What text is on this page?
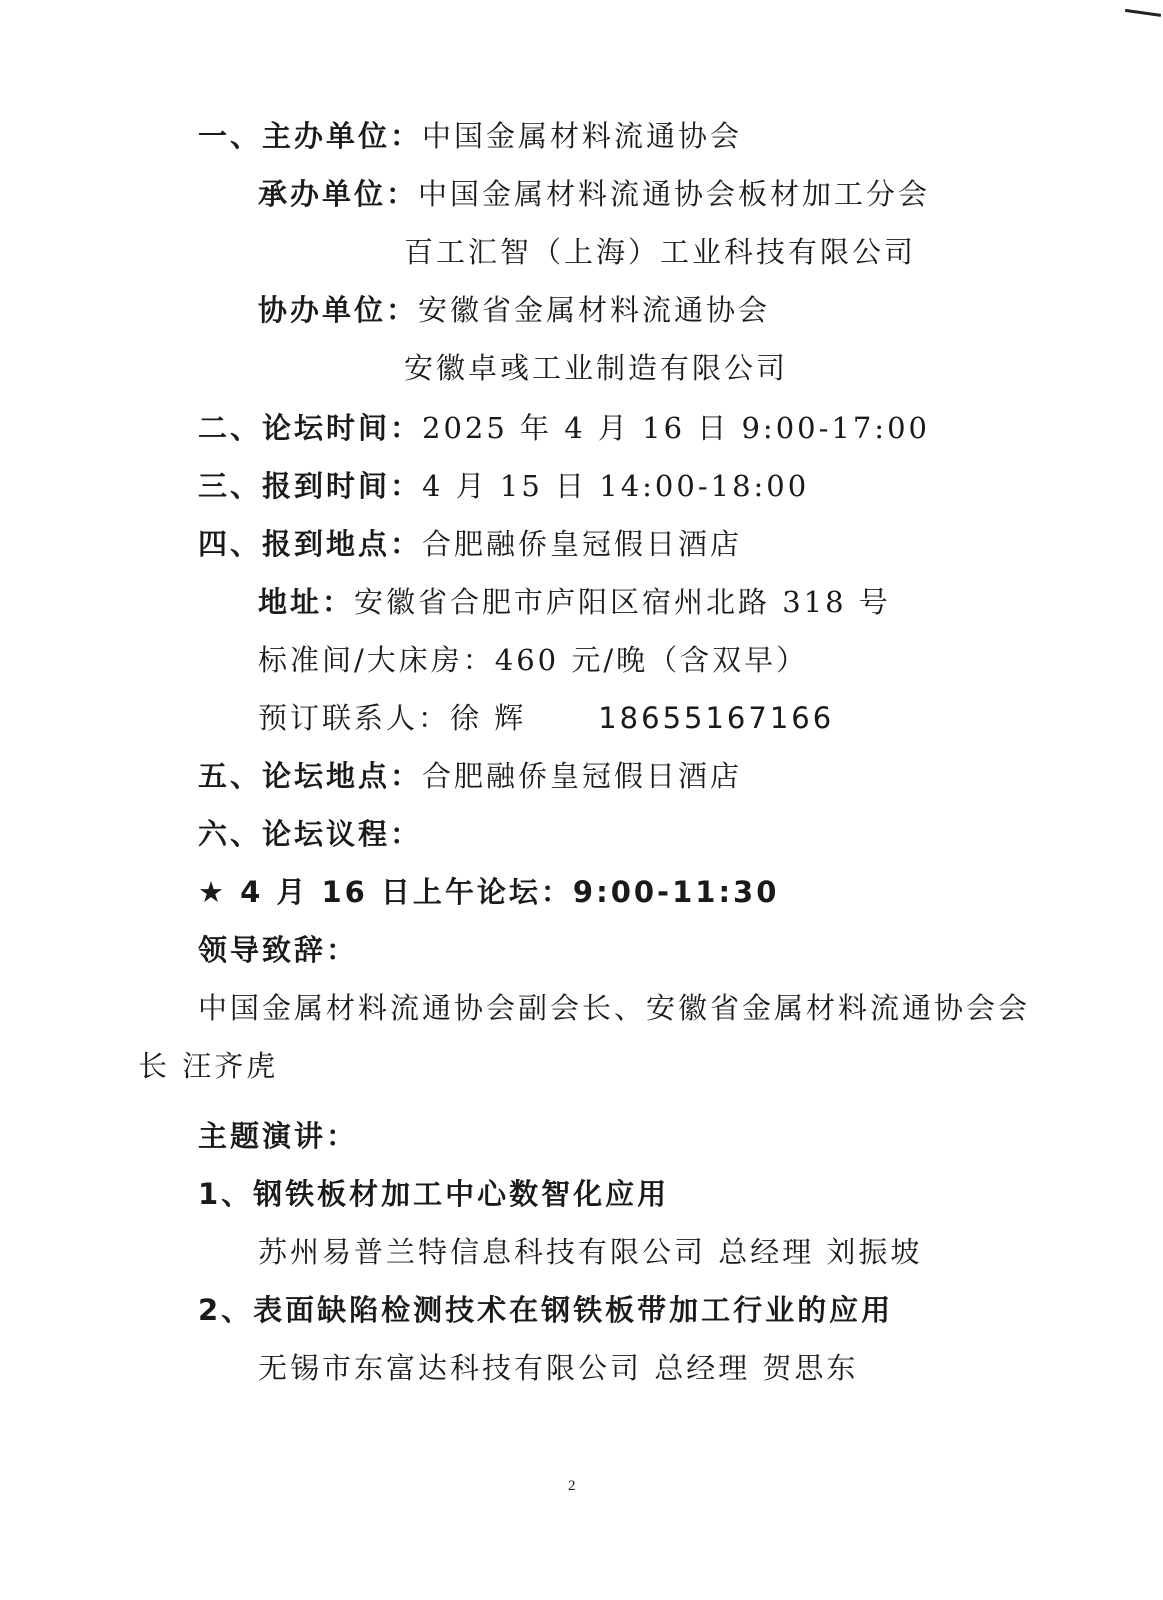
一、主办单位：中国金属材料流通协会
承办单位：中国金属材料流通协会板材加工分会
百工汇智（上海）工业科技有限公司
协办单位：安徽省金属材料流通协会
安徽卓彧工业制造有限公司
二、论坛时间：2025 年 4 月 16 日 9:00-17:00
三、报到时间：4 月 15 日 14:00-18:00
四、报到地点：合肥融侨皇冠假日酒店
地址：安徽省合肥市庐阳区宿州北路 318 号
标准间/大床房：460 元/晚（含双早）
预订联系人：徐 辉 18655167166
五、论坛地点：合肥融侨皇冠假日酒店
六、论坛议程：
★ 4 月 16 日上午论坛：9:00-11:30
领导致辞：
中国金属材料流通协会副会长、安徽省金属材料流通协会会
长 汪齐虎
主题演讲：
1、钢铁板材加工中心数智化应用
苏州易普兰特信息科技有限公司 总经理 刘振坡
2、表面缺陷检测技术在钢铁板带加工行业的应用
无锡市东富达科技有限公司 总经理 贺思东
2
